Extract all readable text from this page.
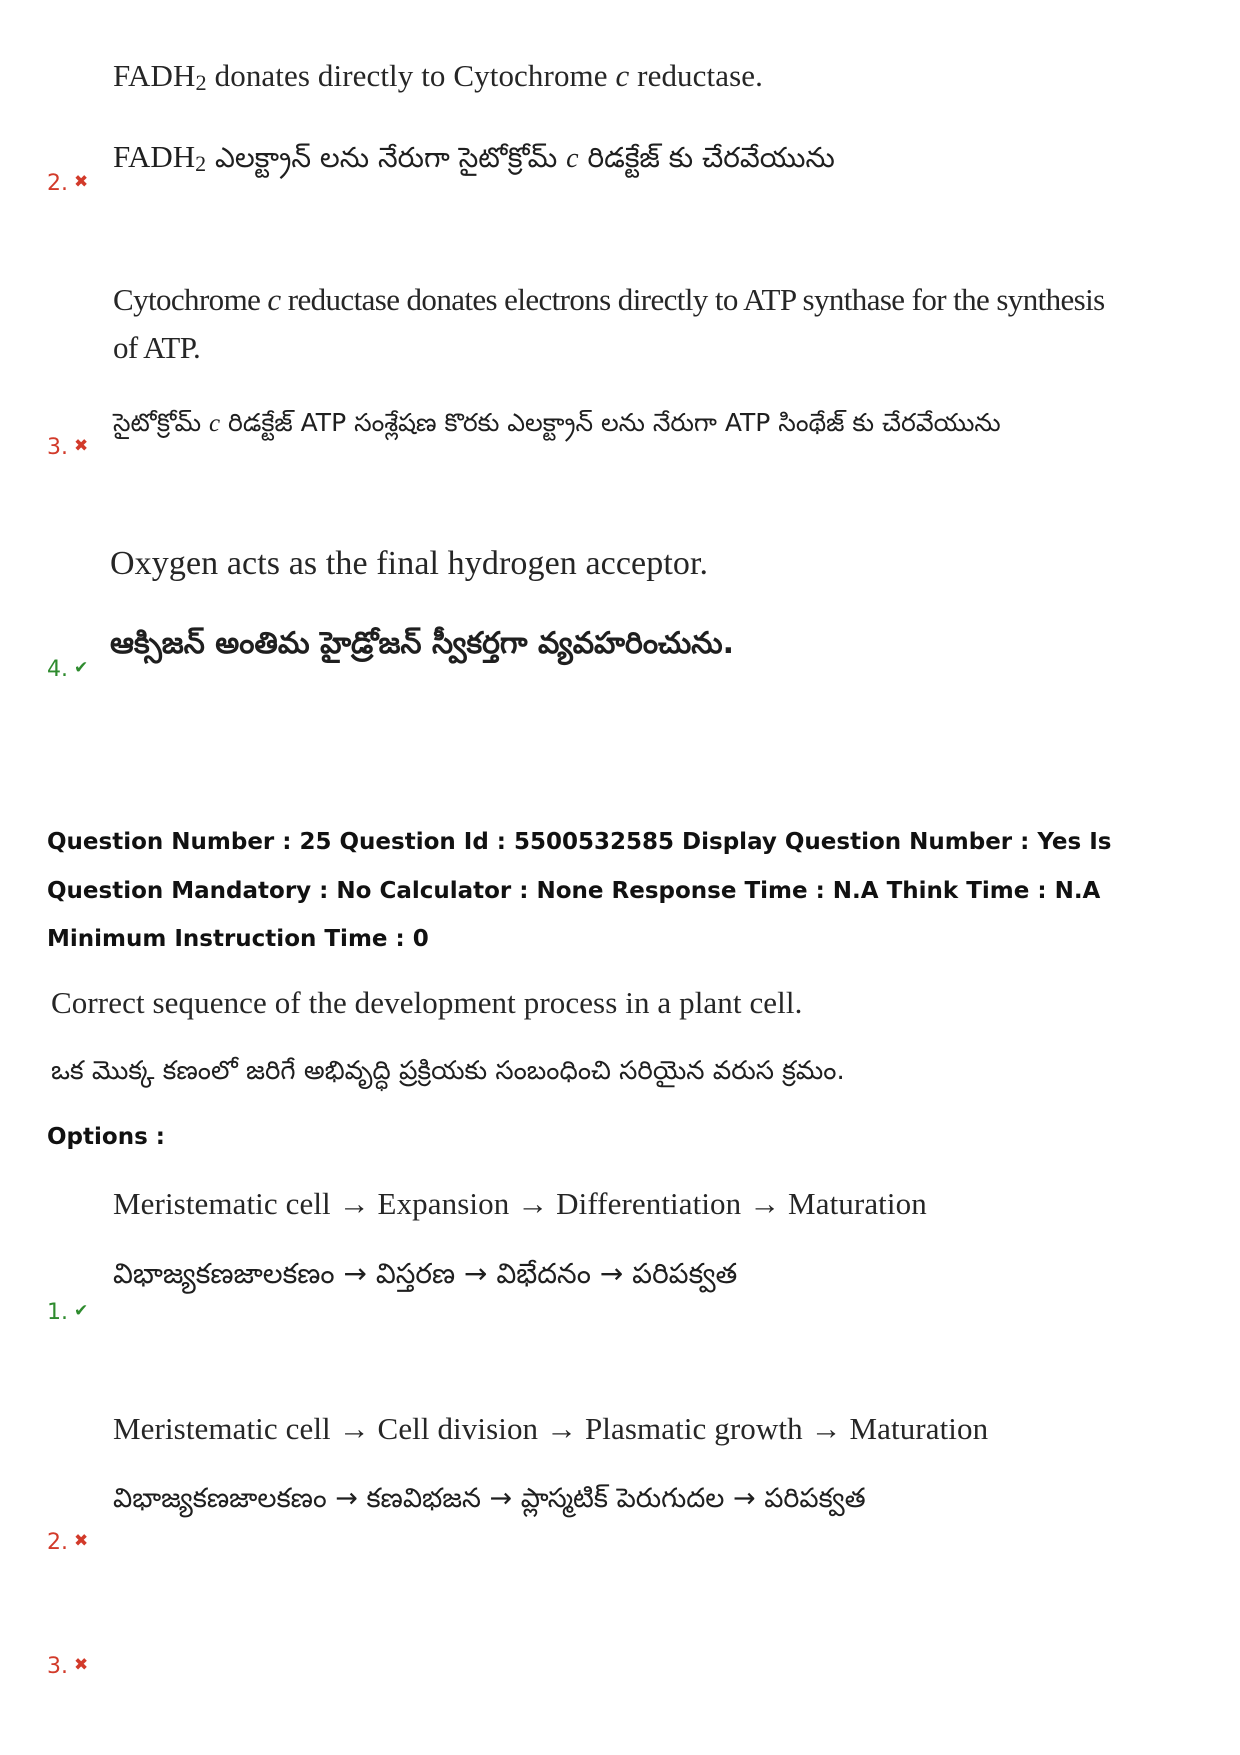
FADH2 donates directly to Cytochrome c reductase.
FADH2 ఎలక్ట్రాన్ లను నేరుగా సైటోక్రోమ్ c రిడక్టేజ్ కు చేరవేయును
2. ✖
Cytochrome c reductase donates electrons directly to ATP synthase for the synthesis
of ATP.
సైటోక్రోమ్ c రిడక్టేజ్ ATP సంశ్లేషణ కొరకు ఎలక్ట్రాన్ లను నేరుగా ATP సింథేజ్ కు చేరవేయును
3. ✖
Oxygen acts as the final hydrogen acceptor.
ఆక్సిజన్ అంతిమ హైడ్రోజన్ స్వీకర్తగా వ్యవహరించును.
4. ✔
Question Number : 25 Question Id : 5500532585 Display Question Number : Yes Is Question Mandatory : No Calculator : None Response Time : N.A Think Time : N.A Minimum Instruction Time : 0
Correct sequence of the development process in a plant cell.
ఒక మొక్క కణంలో జరిగే అభివృద్ధి ప్రక్రియకు సంబంధించి సరియైన వరుస క్రమం.
Options :
Meristematic cell → Expansion → Differentiation → Maturation
విభాజ్యకణజాలకణం → విస్తరణ → విభేదనం → పరిపక్వత
1. ✔
Meristematic cell → Cell division → Plasmatic growth → Maturation
విభాజ్యకణజాలకణం → కణవిభజన → ప్లాస్మటిక్ పెరుగుదల → పరిపక్వత
2. ✖
3. ✖
